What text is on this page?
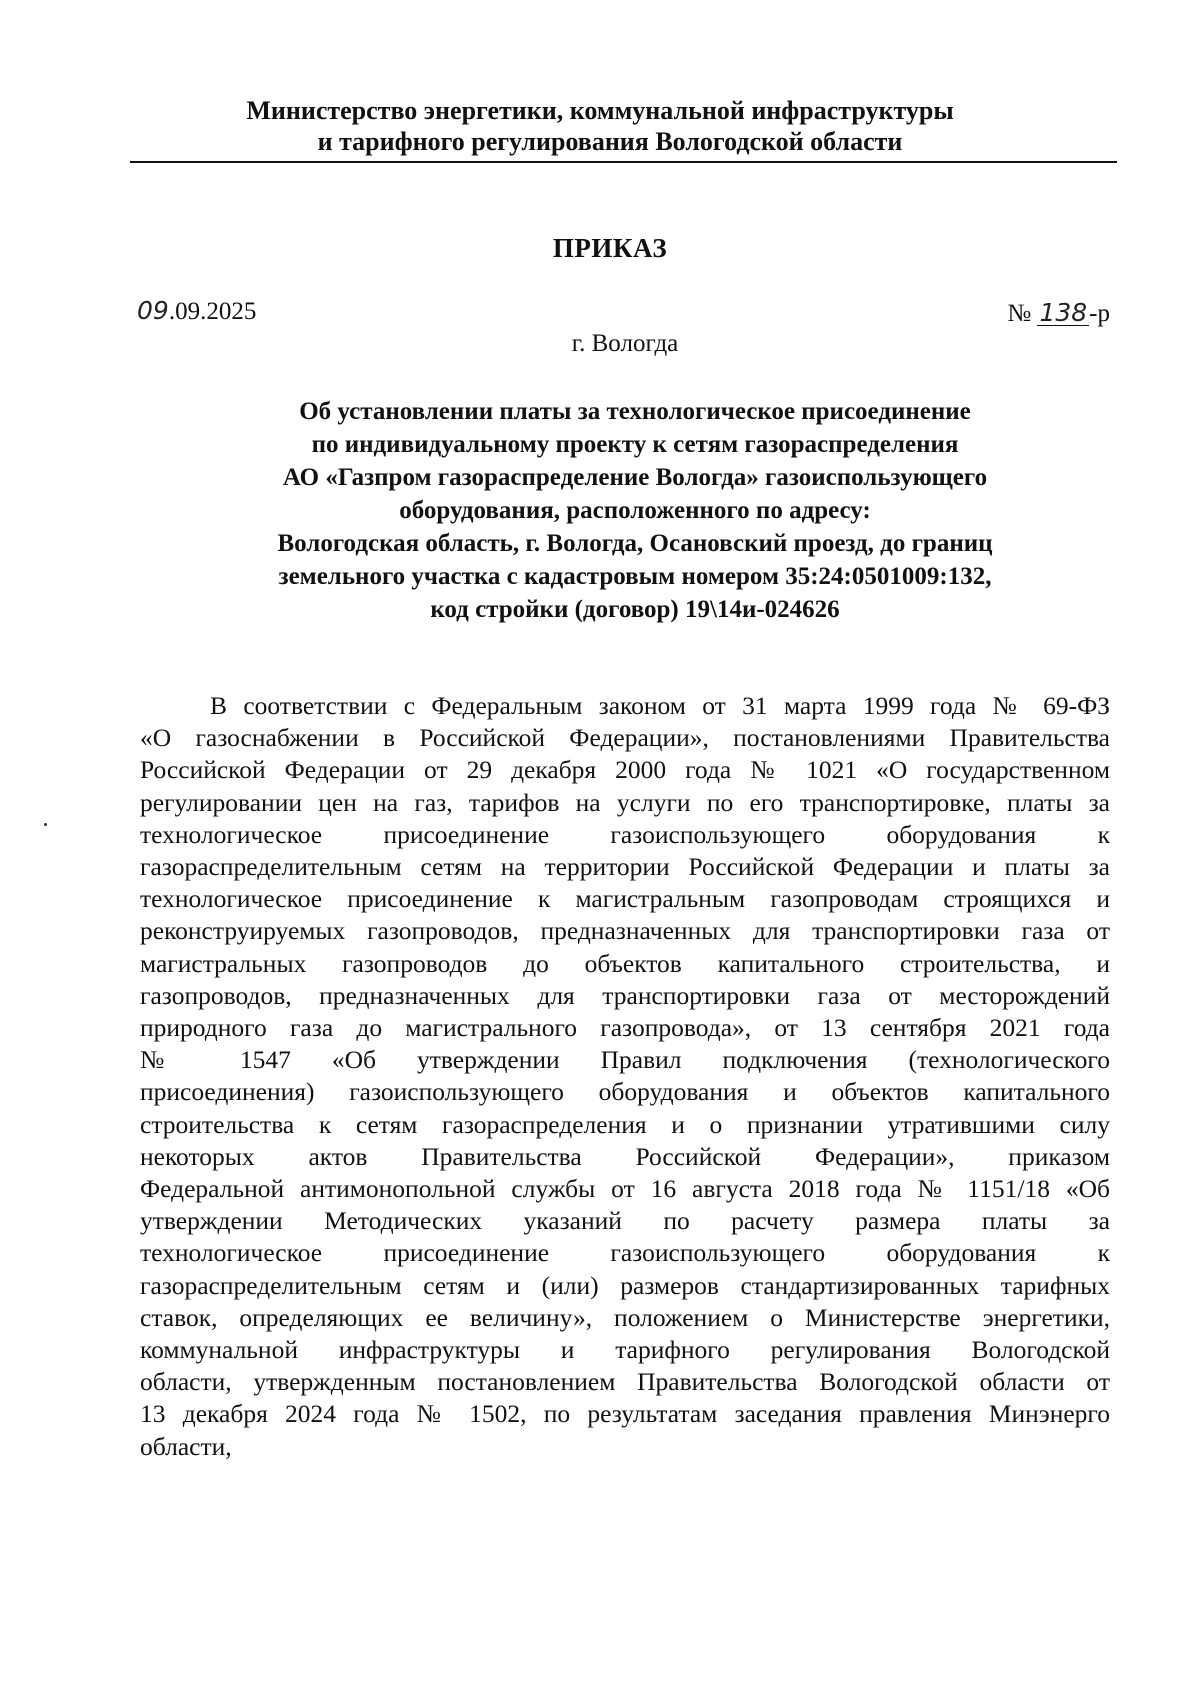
Министерство энергетики, коммунальной инфраструктуры
и тарифного регулирования Вологодской области
ПРИКАЗ
09.09.2025	№ 138-р
г. Вологда
Об установлении платы за технологическое присоединение
по индивидуальному проекту к сетям газораспределения
АО «Газпром газораспределение Вологда» газоиспользующего
оборудования, расположенного по адресу:
Вологодская область, г. Вологда, Осановский проезд, до границ
земельного участка с кадастровым номером 35:24:0501009:132,
код стройки (договор) 19\14и-024626
В соответствии с Федеральным законом от 31 марта 1999 года № 69-ФЗ
«О газоснабжении в Российской Федерации», постановлениями Правительства
Российской Федерации от 29 декабря 2000 года № 1021 «О государственном
регулировании цен на газ, тарифов на услуги по его транспортировке, платы за
технологическое присоединение газоиспользующего оборудования к
газораспределительным сетям на территории Российской Федерации и платы за
технологическое присоединение к магистральным газопроводам строящихся и
реконструируемых газопроводов, предназначенных для транспортировки газа от
магистральных газопроводов до объектов капитального строительства, и
газопроводов, предназначенных для транспортировки газа от месторождений
природного газа до магистрального газопровода», от 13 сентября 2021 года
№ 1547 «Об утверждении Правил подключения (технологического
присоединения) газоиспользующего оборудования и объектов капитального
строительства к сетям газораспределения и о признании утратившими силу
некоторых актов Правительства Российской Федерации», приказом
Федеральной антимонопольной службы от 16 августа 2018 года № 1151/18 «Об
утверждении Методических указаний по расчету размера платы за
технологическое присоединение газоиспользующего оборудования к
газораспределительным сетям и (или) размеров стандартизированных тарифных
ставок, определяющих ее величину», положением о Министерстве энергетики,
коммунальной инфраструктуры и тарифного регулирования Вологодской
области, утвержденным постановлением Правительства Вологодской области от
13 декабря 2024 года № 1502, по результатам заседания правления Минэнерго
области,
